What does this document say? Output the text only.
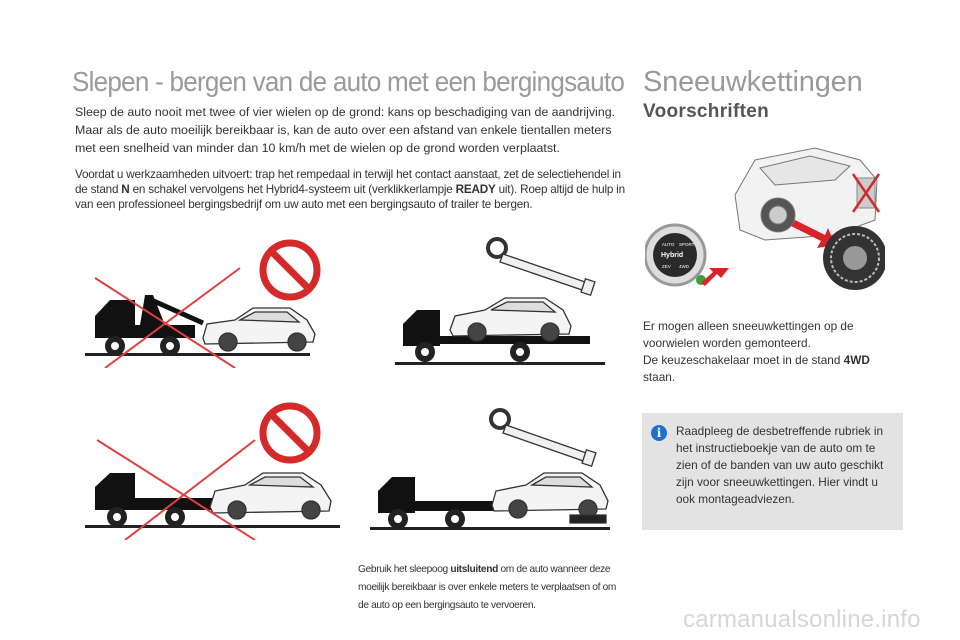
Slepen - bergen van de auto met een bergingsauto
Sleep de auto nooit met twee of vier wielen op de grond: kans op beschadiging van de aandrijving. Maar als de auto moeilijk bereikbaar is, kan de auto over een afstand van enkele tientallen meters met een snelheid van minder dan 10 km/h met de wielen op de grond worden verplaatst.
Voordat u werkzaamheden uitvoert: trap het rempedaal in terwijl het contact aanstaat, zet de selectiehendel in de stand N en schakel vervolgens het Hybrid4-systeem uit (verklikkerlampje READY uit). Roep altijd de hulp in van een professioneel bergingsbedrijf om uw auto met een bergingsauto of trailer te bergen.
Gebruik het sleepoog uitsluitend om de auto wanneer deze moeilijk bereikbaar is over enkele meters te verplaatsen of om de auto op een bergingsauto te vervoeren.
Sneeuwkettingen
Voorschriften
AUTO SPORT
Hybrid
ZEV 4WD
Er mogen alleen sneeuwkettingen op de voorwielen worden gemonteerd.
De keuzeschakelaar moet in de stand 4WD staan.
i	Raadpleeg de desbetreffende rubriek in het instructieboekje van de auto om te zien of de banden van uw auto geschikt zijn voor sneeuwkettingen. Hier vindt u ook montageadviezen.
carmanualsonline.info
